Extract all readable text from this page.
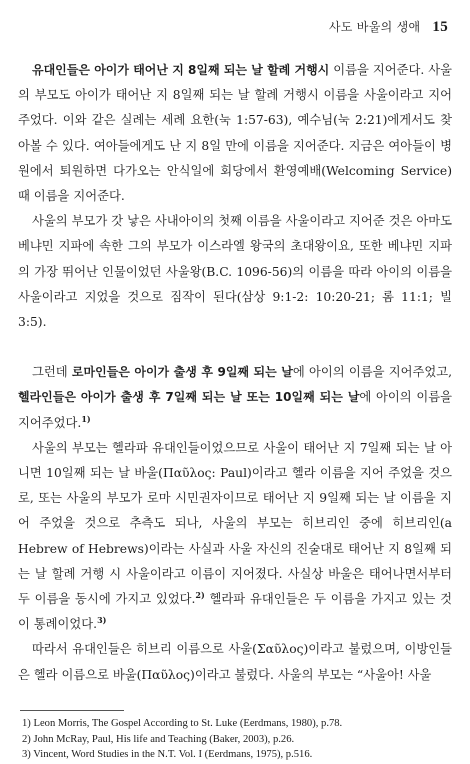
사도 바울의 생애 15

유대인들은 아이가 태어난 지 8일째 되는 날 할례 거행시 이름을 지어준다. 사울의 부모도 아이가 태어난 지 8일째 되는 날 할례 거행시 이름을 사울이라고 지어주었다. 이와 같은 실례는 세례 요한(눅 1:57-63), 예수님(눅 2:21)에게서도 찾아볼 수 있다. 여아들에게도 난 지 8일 만에 이름을 지어준다. 지금은 여아들이 병원에서 퇴원하면 다가오는 안식일에 회당에서 환영예배(Welcoming Service) 때 이름을 지어준다.

사울의 부모가 갓 낳은 사내아이의 첫째 이름을 사울이라고 지어준 것은 아마도 베냐민 지파에 속한 그의 부모가 이스라엘 왕국의 초대왕이요, 또한 베냐민 지파의 가장 뛰어난 인물이었던 사울왕(B.C. 1096-56)의 이름을 따라 아이의 이름을 사울이라고 지었을 것으로 짐작이 된다(삼상 9:1-2: 10:20-21; 롬 11:1; 빌 3:5).

그런데 로마인들은 아이가 출생 후 9일째 되는 날에 아이의 이름을 지어주었고, 헬라인들은 아이가 출생 후 7일째 되는 날 또는 10일째 되는 날에 아이의 이름을 지어주었다.$^{1)}$

사울의 부모는 헬라파 유대인들이었으므로 사울이 태어난 지 7일째 되는 날 아니면 10일째 되는 날 바울(Παῦλος: Paul)이라고 헬라 이름을 지어 주었을 것으로, 또는 사울의 부모가 로마 시민권자이므로 태어난 지 9일째 되는 날 이름을 지어 주었을 것으로 추측도 되나, 사울의 부모는 히브리인 중에 히브리인(a Hebrew of Hebrews)이라는 사실과 사울 자신의 진술대로 태어난 지 8일째 되는 날 할례 거행 시 사울이라고 이름이 지어졌다. 사실상 바울은 태어나면서부터 두 이름을 동시에 가지고 있었다.$^{2)}$ 헬라파 유대인들은 두 이름을 가지고 있는 것이 통례이었다.$^{3)}$

따라서 유대인들은 히브리 이름으로 사울(Σαῦλος)이라고 불렀으며, 이방인들은 헬라 이름으로 바울(Παῦλος)이라고 불렀다. 사울의 부모는 “사울아! 사울

1) Leon Morris, The Gospel According to St. Luke (Eerdmans, 1980), p.78.
2) John McRay, Paul, His life and Teaching (Baker, 2003), p.26.
3) Vincent, Word Studies in the N.T. Vol. I (Eerdmans, 1975), p.516.
